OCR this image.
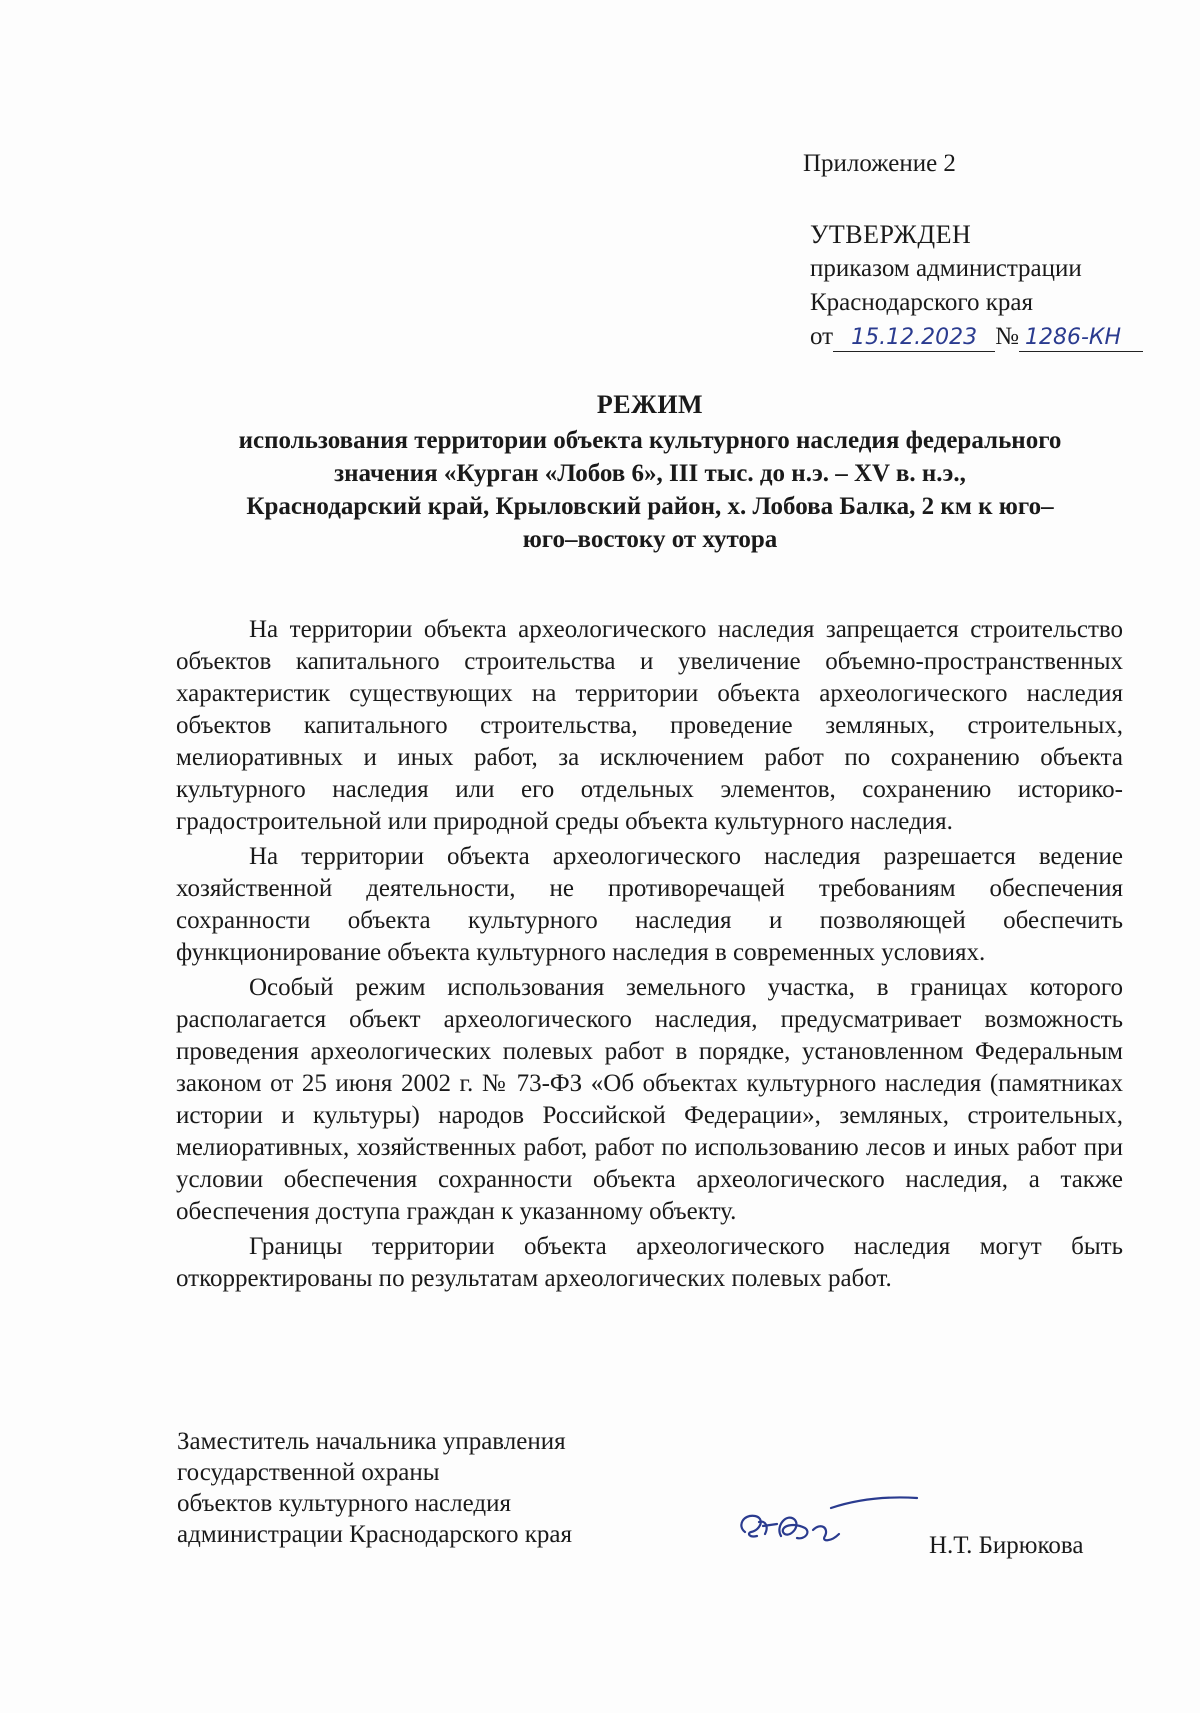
Приложение 2
УТВЕРЖДЕН
приказом администрации
Краснодарского края
от 15.12.2023 № 1286-КН
РЕЖИМ
использования территории объекта культурного наследия федерального
значения «Курган «Лобов 6», III тыс. до н.э. – XV в. н.э.,
Краснодарский край, Крыловский район, х. Лобова Балка, 2 км к юго–
юго–востоку от хутора

На территории объекта археологического наследия запрещается строительство объектов капитального строительства и увеличение объемно-пространственных характеристик существующих на территории объекта археологического наследия объектов капитального строительства, проведение земляных, строительных, мелиоративных и иных работ, за исключением работ по сохранению объекта культурного наследия или его отдельных элементов, сохранению историко-градостроительной или природной среды объекта культурного наследия.

На территории объекта археологического наследия разрешается ведение хозяйственной деятельности, не противоречащей требованиям обеспечения сохранности объекта культурного наследия и позволяющей обеспечить функционирование объекта культурного наследия в современных условиях.

Особый режим использования земельного участка, в границах которого располагается объект археологического наследия, предусматривает возможность проведения археологических полевых работ в порядке, установленном Федеральным законом от 25 июня 2002 г. № 73-ФЗ «Об объектах культурного наследия (памятниках истории и культуры) народов Российской Федерации», земляных, строительных, мелиоративных, хозяйственных работ, работ по использованию лесов и иных работ при условии обеспечения сохранности объекта археологического наследия, а также обеспечения доступа граждан к указанному объекту.

Границы территории объекта археологического наследия могут быть откорректированы по результатам археологических полевых работ.

Заместитель начальника управления
государственной охраны
объектов культурного наследия
администрации Краснодарского края	Н.Т. Бирюкова
